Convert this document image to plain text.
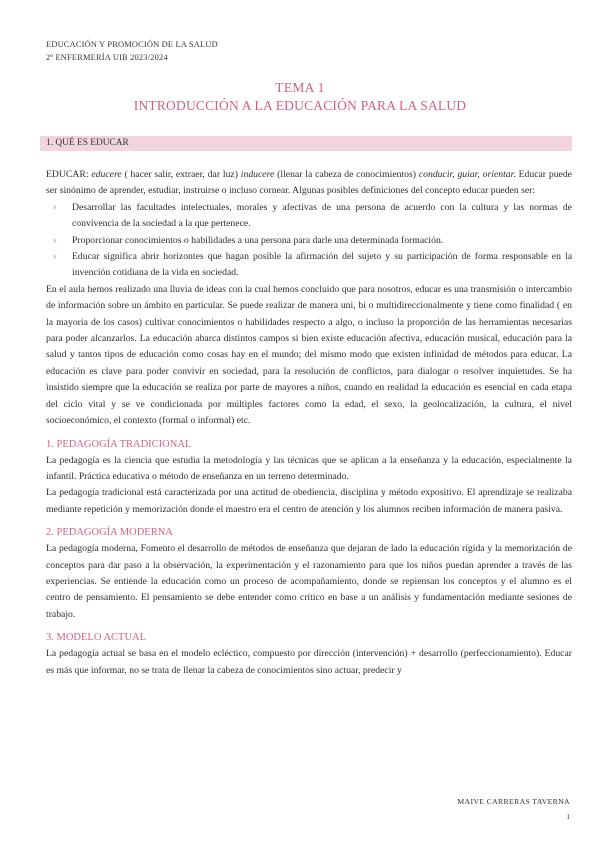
EDUCACIÓN Y PROMOCIÓN DE LA SALUD
2º ENFERMERÍA UIB 2023/2024
TEMA 1
INTRODUCCIÓN A LA EDUCACIÓN PARA LA SALUD
1. QUÉ ES EDUCAR

EDUCAR: educere ( hacer salir, extraer, dar luz) inducere (llenar la cabeza de conocimientos) conducir, guiar, orientar. Educar puede ser sinónimo de aprender, estudiar, instruirse o incluso cornear. Algunas posibles definiciones del concepto educar pueden ser:

› Desarrollar las facultades intelectuales, morales y afectivas de una persona de acuerdo con la cultura y las normas de convivencia de la sociedad a la que pertenece.
› Proporcionar conocimientos o habilidades a una persona para darle una determinada formación.
› Educar significa abrir horizontes que hagan posible la afirmación del sujeto y su participación de forma responsable en la invención cotidiana de la vida en sociedad.

En el aula hemos realizado una lluvia de ideas con la cual hemos concluido que para nosotros, educar es una transmisión o intercambio de información sobre un ámbito en particular. Se puede realizar de manera uni, bi o multidireccionalmente y tiene como finalidad ( en la mayoría de los casos) cultivar conocimientos o habilidades respecto a algo, o incluso la proporción de las herramientas necesarias para poder alcanzarlos. La educación abarca distintos campos si bien existe educación afectiva, educación musical, educación para la salud y tantos tipos de educación como cosas hay en el mundo; del mismo modo que existen infinidad de métodos para educar. La educación es clave para poder convivir en sociedad, para la resolución de conflictos, para dialogar o resolver inquietudes. Se ha insistido siempre que la educación se realiza por parte de mayores a niños, cuando en realidad la educación es esencial en cada etapa del ciclo vital y se ve condicionada por múltiples factores como la edad, el sexo, la geolocalización, la cultura, el nivel socioeconómico, el contexto (formal o informal) etc.

1. PEDAGOGÍA TRADICIONAL

La pedagogía es la ciencia que estudia la metodología y las técnicas que se aplican a la enseñanza y la educación, especialmente la infantil. Práctica educativa o método de enseñanza en un terreno determinado.

La pedagogía tradicional está caracterizada por una actitud de obediencia, disciplina y método expositivo. El aprendizaje se realizaba mediante repetición y memorización donde el maestro era el centro de atención y los alumnos reciben información de manera pasiva.

2. PEDAGOGÍA MODERNA

La pedagogía moderna, Fomento el desarrollo de métodos de enseñanza que dejaran de lado la educación rígida y la memorización de conceptos para dar paso a la observación, la experimentación y el razonamiento para que los niños puedan aprender a través de las experiencias. Se entiende la educación como un proceso de acompañamiento, donde se repiensan los conceptos y el alumno es el centro de pensamiento. El pensamiento se debe entender como crítico en base a un análisis y fundamentación mediante sesiones de trabajo.

3. MODELO ACTUAL

La pedagogía actual se basa en el modelo ecléctico, compuesto por dirección (intervención) + desarrollo (perfeccionamiento). Educar es más que informar, no se trata de llenar la cabeza de conocimientos sino actuar, predecir y

MAIVE CARRERAS TAVERNA
1
